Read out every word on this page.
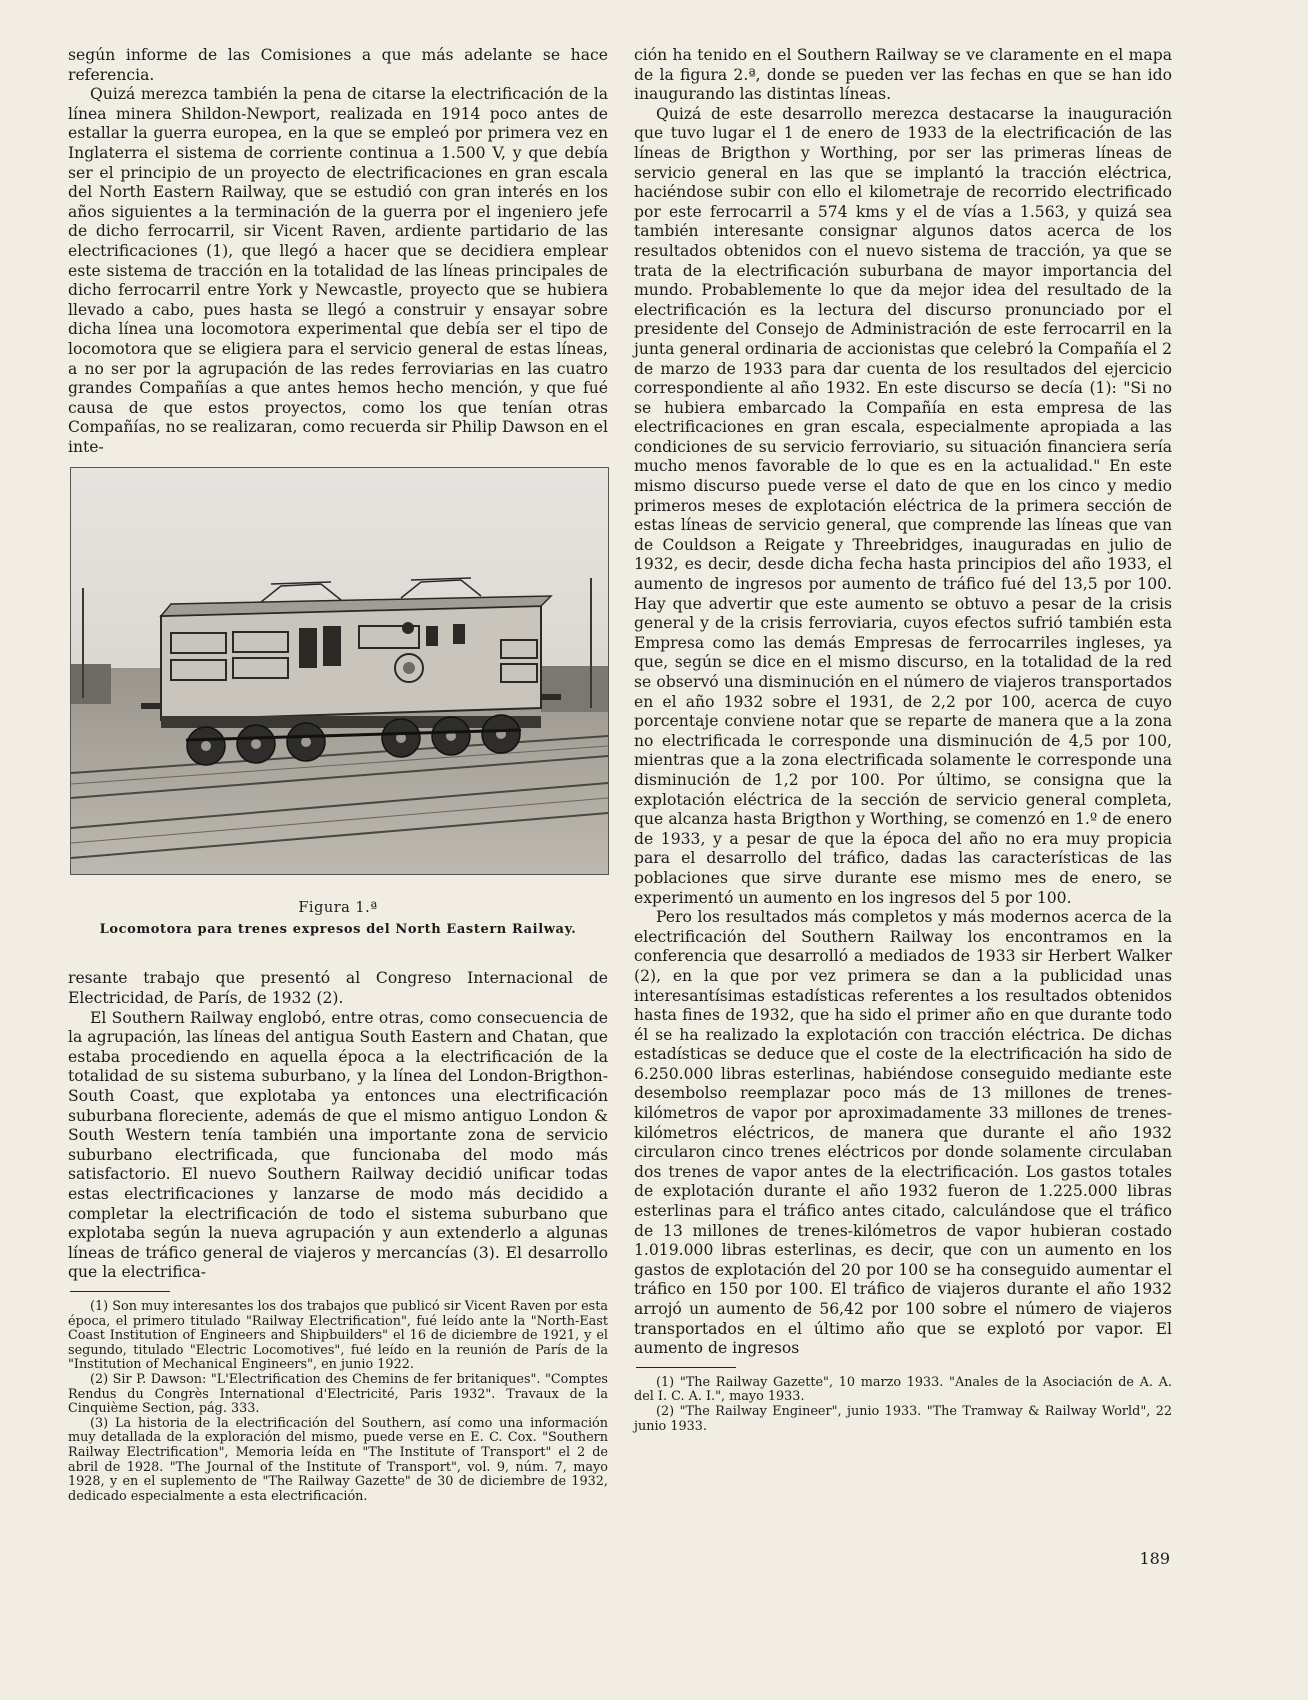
según informe de las Comisiones a que más adelante se hace referencia.

Quizá merezca también la pena de citarse la electrificación de la línea minera Shildon-Newport, realizada en 1914 poco antes de estallar la guerra europea, en la que se empleó por primera vez en Inglaterra el sistema de corriente continua a 1.500 V, y que debía ser el principio de un proyecto de electrificaciones en gran escala del North Eastern Railway, que se estudió con gran interés en los años siguientes a la terminación de la guerra por el ingeniero jefe de dicho ferrocarril, sir Vicent Raven, ardiente partidario de las electrificaciones (1), que llegó a hacer que se decidiera emplear este sistema de tracción en la totalidad de las líneas principales de dicho ferrocarril entre York y Newcastle, proyecto que se hubiera llevado a cabo, pues hasta se llegó a construir y ensayar sobre dicha línea una locomotora experimental que debía ser el tipo de locomotora que se eligiera para el servicio general de estas líneas, a no ser por la agrupación de las redes ferroviarias en las cuatro grandes Compañías a que antes hemos hecho mención, y que fué causa de que estos proyectos, como los que tenían otras Compañías, no se realizaran, como recuerda sir Philip Dawson en el inte-

Figura 1.ª
Locomotora para trenes expresos del North Eastern Railway.

resante trabajo que presentó al Congreso Internacional de Electricidad, de París, de 1932 (2).

El Southern Railway englobó, entre otras, como consecuencia de la agrupación, las líneas del antigua South Eastern and Chatan, que estaba procediendo en aquella época a la electrificación de la totalidad de su sistema suburbano, y la línea del London-Brigthon-South Coast, que explotaba ya entonces una electrificación suburbana floreciente, además de que el mismo antiguo London & South Western tenía también una importante zona de servicio suburbano electrificada, que funcionaba del modo más satisfactorio. El nuevo Southern Railway decidió unificar todas estas electrificaciones y lanzarse de modo más decidido a completar la electrificación de todo el sistema suburbano que explotaba según la nueva agrupación y aun extenderlo a algunas líneas de tráfico general de viajeros y mercancías (3). El desarrollo que la electrifica-

(1) Son muy interesantes los dos trabajos que publicó sir Vicent Raven por esta época, el primero titulado "Railway Electrification", fué leído ante la "North-East Coast Institution of Engineers and Shipbuilders" el 16 de diciembre de 1921, y el segundo, titulado "Electric Locomotives", fué leído en la reunión de París de la "Institution of Mechanical Engineers", en junio 1922.

(2) Sir P. Dawson: "L'Electrification des Chemins de fer britaniques". "Comptes Rendus du Congrès International d'Electricité, Paris 1932". Travaux de la Cinquième Section, pág. 333.

(3) La historia de la electrificación del Southern, así como una información muy detallada de la exploración del mismo, puede verse en E. C. Cox. "Southern Railway Electrification", Memoria leída en "The Institute of Transport" el 2 de abril de 1928. "The Journal of the Institute of Transport", vol. 9, núm. 7, mayo 1928, y en el suplemento de "The Railway Gazette" de 30 de diciembre de 1932, dedicado especialmente a esta electrificación.

ción ha tenido en el Southern Railway se ve claramente en el mapa de la figura 2.ª, donde se pueden ver las fechas en que se han ido inaugurando las distintas líneas.

Quizá de este desarrollo merezca destacarse la inauguración que tuvo lugar el 1 de enero de 1933 de la electrificación de las líneas de Brigthon y Worthing, por ser las primeras líneas de servicio general en las que se implantó la tracción eléctrica, haciéndose subir con ello el kilometraje de recorrido electrificado por este ferrocarril a 574 kms y el de vías a 1.563, y quizá sea también interesante consignar algunos datos acerca de los resultados obtenidos con el nuevo sistema de tracción, ya que se trata de la electrificación suburbana de mayor importancia del mundo. Probablemente lo que da mejor idea del resultado de la electrificación es la lectura del discurso pronunciado por el presidente del Consejo de Administración de este ferrocarril en la junta general ordinaria de accionistas que celebró la Compañía el 2 de marzo de 1933 para dar cuenta de los resultados del ejercicio correspondiente al año 1932. En este discurso se decía (1): "Si no se hubiera embarcado la Compañía en esta empresa de las electrificaciones en gran escala, especialmente apropiada a las condiciones de su servicio ferroviario, su situación financiera sería mucho menos favorable de lo que es en la actualidad." En este mismo discurso puede verse el dato de que en los cinco y medio primeros meses de explotación eléctrica de la primera sección de estas líneas de servicio general, que comprende las líneas que van de Couldson a Reigate y Threebridges, inauguradas en julio de 1932, es decir, desde dicha fecha hasta principios del año 1933, el aumento de ingresos por aumento de tráfico fué del 13,5 por 100. Hay que advertir que este aumento se obtuvo a pesar de la crisis general y de la crisis ferroviaria, cuyos efectos sufrió también esta Empresa como las demás Empresas de ferrocarriles ingleses, ya que, según se dice en el mismo discurso, en la totalidad de la red se observó una disminución en el número de viajeros transportados en el año 1932 sobre el 1931, de 2,2 por 100, acerca de cuyo porcentaje conviene notar que se reparte de manera que a la zona no electrificada le corresponde una disminución de 4,5 por 100, mientras que a la zona electrificada solamente le corresponde una disminución de 1,2 por 100. Por último, se consigna que la explotación eléctrica de la sección de servicio general completa, que alcanza hasta Brigthon y Worthing, se comenzó en 1.º de enero de 1933, y a pesar de que la época del año no era muy propicia para el desarrollo del tráfico, dadas las características de las poblaciones que sirve durante ese mismo mes de enero, se experimentó un aumento en los ingresos del 5 por 100.

Pero los resultados más completos y más modernos acerca de la electrificación del Southern Railway los encontramos en la conferencia que desarrolló a mediados de 1933 sir Herbert Walker (2), en la que por vez primera se dan a la publicidad unas interesantísimas estadísticas referentes a los resultados obtenidos hasta fines de 1932, que ha sido el primer año en que durante todo él se ha realizado la explotación con tracción eléctrica. De dichas estadísticas se deduce que el coste de la electrificación ha sido de 6.250.000 libras esterlinas, habiéndose conseguido mediante este desembolso reemplazar poco más de 13 millones de trenes-kilómetros de vapor por aproximadamente 33 millones de trenes-kilómetros eléctricos, de manera que durante el año 1932 circularon cinco trenes eléctricos por donde solamente circulaban dos trenes de vapor antes de la electrificación. Los gastos totales de explotación durante el año 1932 fueron de 1.225.000 libras esterlinas para el tráfico antes citado, calculándose que el tráfico de 13 millones de trenes-kilómetros de vapor hubieran costado 1.019.000 libras esterlinas, es decir, que con un aumento en los gastos de explotación del 20 por 100 se ha conseguido aumentar el tráfico en 150 por 100. El tráfico de viajeros durante el año 1932 arrojó un aumento de 56,42 por 100 sobre el número de viajeros transportados en el último año que se explotó por vapor. El aumento de ingresos

(1) "The Railway Gazette", 10 marzo 1933. "Anales de la Asociación de A. A. del I. C. A. I.", mayo 1933.

(2) "The Railway Engineer", junio 1933. "The Tramway & Railway World", 22 junio 1933.

189
